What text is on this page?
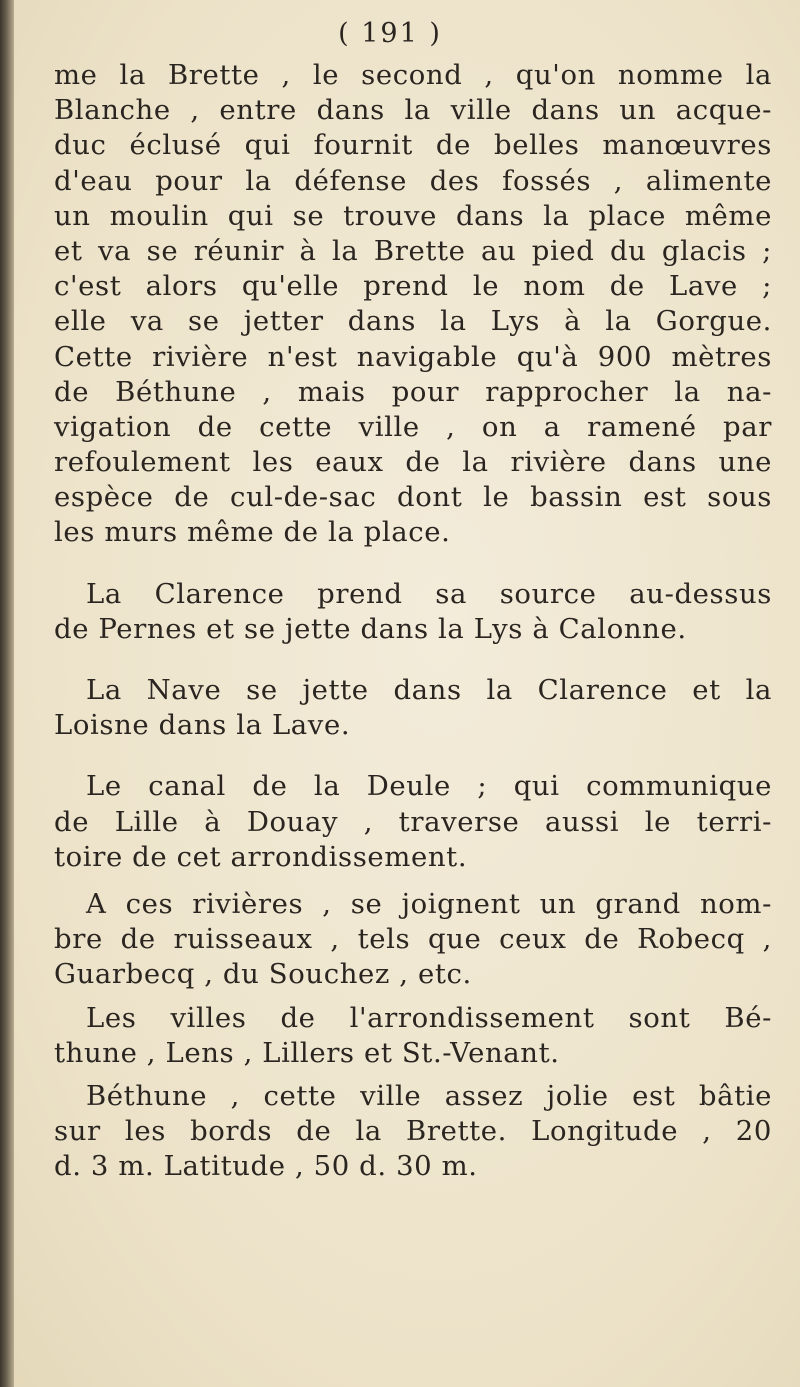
( 191 )
me la Brette , le second , qu'on nomme la
Blanche , entre dans la ville dans un acque-
duc éclusé qui fournit de belles manœuvres
d'eau pour la défense des fossés , alimente
un moulin qui se trouve dans la place même
et va se réunir à la Brette au pied du glacis ;
c'est alors qu'elle prend le nom de Lave ;
elle va se jetter dans la Lys à la Gorgue.
Cette rivière n'est navigable qu'à 900 mètres
de Béthune , mais pour rapprocher la na-
vigation de cette ville , on a ramené par
refoulement les eaux de la rivière dans une
espèce de cul-de-sac dont le bassin est sous
les murs même de la place.
La Clarence prend sa source au-dessus
de Pernes et se jette dans la Lys à Calonne.
La Nave se jette dans la Clarence et la
Loisne dans la Lave.
Le canal de la Deule ; qui communique
de Lille à Douay , traverse aussi le terri-
toire de cet arrondissement.
A ces rivières , se joignent un grand nom-
bre de ruisseaux , tels que ceux de Robecq ,
Guarbecq , du Souchez , etc.
Les villes de l'arrondissement sont Bé-
thune , Lens , Lillers et St.-Venant.
Béthune , cette ville assez jolie est bâtie
sur les bords de la Brette. Longitude , 20
d. 3 m. Latitude , 50 d. 30 m.
